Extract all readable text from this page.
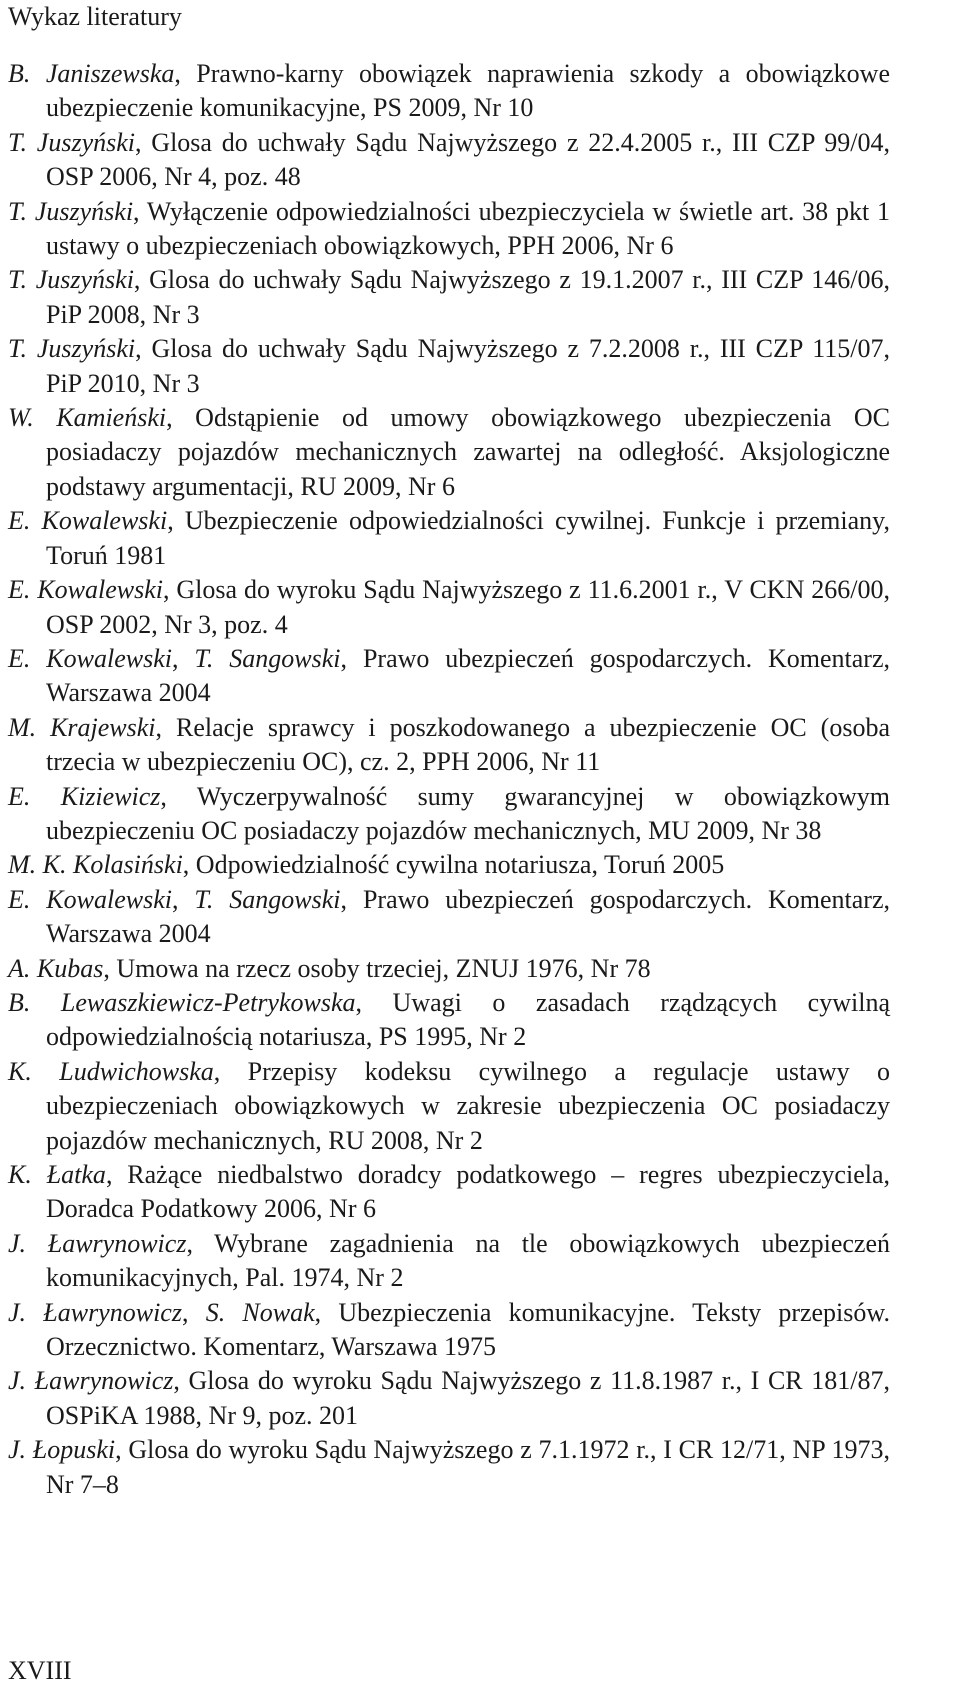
Wykaz literatury
B. Janiszewska, Prawno-karny obowiązek naprawienia szkody a obowiązkowe ubezpieczenie komunikacyjne, PS 2009, Nr 10
T. Juszyński, Glosa do uchwały Sądu Najwyższego z 22.4.2005 r., III CZP 99/04, OSP 2006, Nr 4, poz. 48
T. Juszyński, Wyłączenie odpowiedzialności ubezpieczyciela w świetle art. 38 pkt 1 ustawy o ubezpieczeniach obowiązkowych, PPH 2006, Nr 6
T. Juszyński, Glosa do uchwały Sądu Najwyższego z 19.1.2007 r., III CZP 146/06, PiP 2008, Nr 3
T. Juszyński, Glosa do uchwały Sądu Najwyższego z 7.2.2008 r., III CZP 115/07, PiP 2010, Nr 3
W. Kamieński, Odstąpienie od umowy obowiązkowego ubezpieczenia OC posiadaczy pojazdów mechanicznych zawartej na odległość. Aksjologiczne podstawy argumentacji, RU 2009, Nr 6
E. Kowalewski, Ubezpieczenie odpowiedzialności cywilnej. Funkcje i przemiany, Toruń 1981
E. Kowalewski, Glosa do wyroku Sądu Najwyższego z 11.6.2001 r., V CKN 266/00, OSP 2002, Nr 3, poz. 4
E. Kowalewski, T. Sangowski, Prawo ubezpieczeń gospodarczych. Komentarz, Warszawa 2004
M. Krajewski, Relacje sprawcy i poszkodowanego a ubezpieczenie OC (osoba trzecia w ubezpieczeniu OC), cz. 2, PPH 2006, Nr 11
E. Kiziewicz, Wyczerpywalność sumy gwarancyjnej w obowiązkowym ubezpieczeniu OC posiadaczy pojazdów mechanicznych, MU 2009, Nr 38
M. K. Kolasiński, Odpowiedzialność cywilna notariusza, Toruń 2005
E. Kowalewski, T. Sangowski, Prawo ubezpieczeń gospodarczych. Komentarz, Warszawa 2004
A. Kubas, Umowa na rzecz osoby trzeciej, ZNUJ 1976, Nr 78
B. Lewaszkiewicz-Petrykowska, Uwagi o zasadach rządzących cywilną odpowiedzialnością notariusza, PS 1995, Nr 2
K. Ludwichowska, Przepisy kodeksu cywilnego a regulacje ustawy o ubezpieczeniach obowiązkowych w zakresie ubezpieczenia OC posiadaczy pojazdów mechanicznych, RU 2008, Nr 2
K. Łatka, Rażące niedbalstwo doradcy podatkowego – regres ubezpieczyciela, Doradca Podatkowy 2006, Nr 6
J. Ławrynowicz, Wybrane zagadnienia na tle obowiązkowych ubezpieczeń komunikacyjnych, Pal. 1974, Nr 2
J. Ławrynowicz, S. Nowak, Ubezpieczenia komunikacyjne. Teksty przepisów. Orzecznictwo. Komentarz, Warszawa 1975
J. Ławrynowicz, Glosa do wyroku Sądu Najwyższego z 11.8.1987 r., I CR 181/87, OSPiKA 1988, Nr 9, poz. 201
J. Łopuski, Glosa do wyroku Sądu Najwyższego z 7.1.1972 r., I CR 12/71, NP 1973, Nr 7–8
XVIII
